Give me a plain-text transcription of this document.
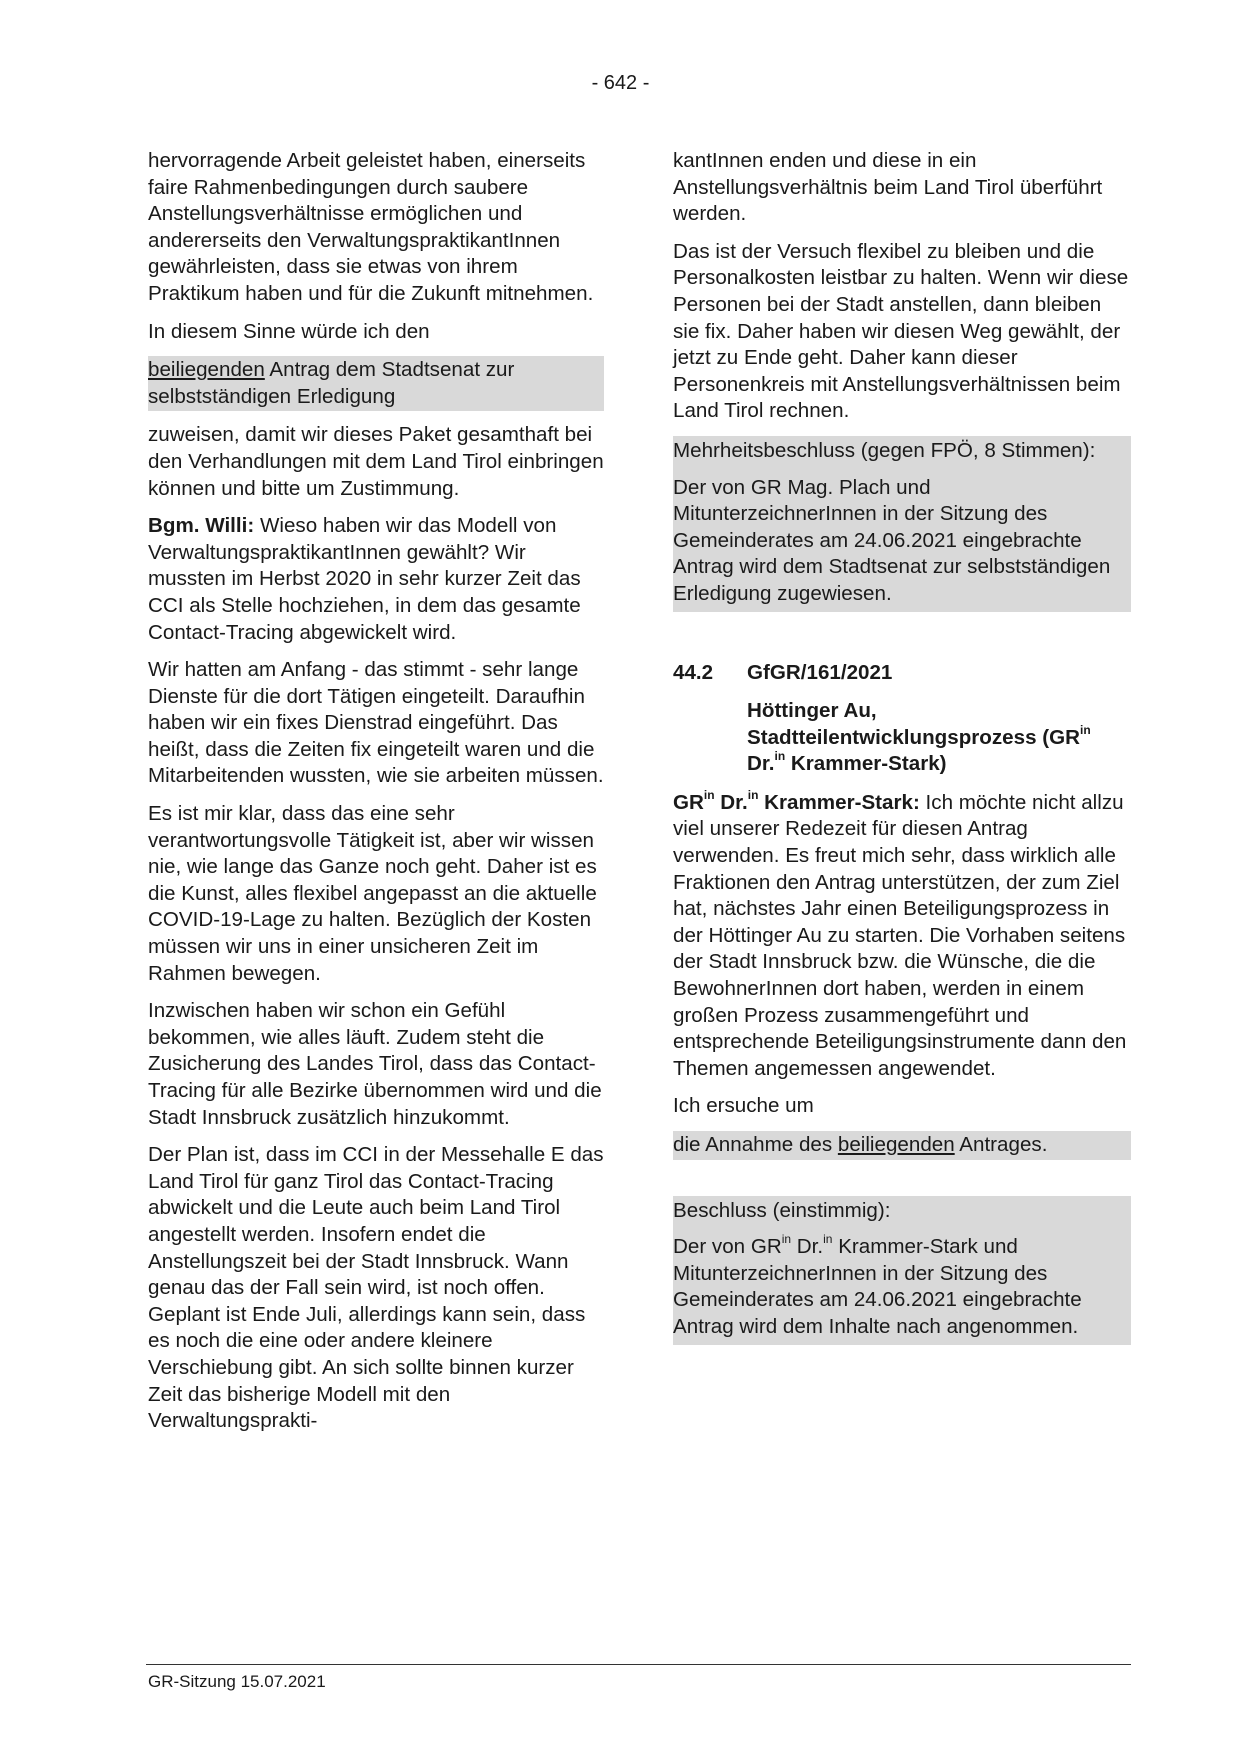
- 642 -

hervorragende Arbeit geleistet haben, einerseits faire Rahmenbedingungen durch saubere Anstellungsverhältnisse ermöglichen und andererseits den VerwaltungspraktikantInnen gewährleisten, dass sie etwas von ihrem Praktikum haben und für die Zukunft mitnehmen.

In diesem Sinne würde ich den

beiliegenden Antrag dem Stadtsenat zur selbstständigen Erledigung

zuweisen, damit wir dieses Paket gesamthaft bei den Verhandlungen mit dem Land Tirol einbringen können und bitte um Zustimmung.

Bgm. Willi: Wieso haben wir das Modell von VerwaltungspraktikantInnen gewählt? Wir mussten im Herbst 2020 in sehr kurzer Zeit das CCI als Stelle hochziehen, in dem das gesamte Contact-Tracing abgewickelt wird.

Wir hatten am Anfang - das stimmt - sehr lange Dienste für die dort Tätigen eingeteilt. Daraufhin haben wir ein fixes Dienstrad eingeführt. Das heißt, dass die Zeiten fix eingeteilt waren und die Mitarbeitenden wussten, wie sie arbeiten müssen.

Es ist mir klar, dass das eine sehr verantwortungsvolle Tätigkeit ist, aber wir wissen nie, wie lange das Ganze noch geht. Daher ist es die Kunst, alles flexibel angepasst an die aktuelle COVID-19-Lage zu halten. Bezüglich der Kosten müssen wir uns in einer unsicheren Zeit im Rahmen bewegen.

Inzwischen haben wir schon ein Gefühl bekommen, wie alles läuft. Zudem steht die Zusicherung des Landes Tirol, dass das Contact-Tracing für alle Bezirke übernommen wird und die Stadt Innsbruck zusätzlich hinzukommt.

Der Plan ist, dass im CCI in der Messehalle E das Land Tirol für ganz Tirol das Contact-Tracing abwickelt und die Leute auch beim Land Tirol angestellt werden. Insofern endet die Anstellungszeit bei der Stadt Innsbruck. Wann genau das der Fall sein wird, ist noch offen. Geplant ist Ende Juli, allerdings kann sein, dass es noch die eine oder andere kleinere Verschiebung gibt. An sich sollte binnen kurzer Zeit das bisherige Modell mit den Verwaltungsprakti-

kantInnen enden und diese in ein Anstellungsverhältnis beim Land Tirol überführt werden.

Das ist der Versuch flexibel zu bleiben und die Personalkosten leistbar zu halten. Wenn wir diese Personen bei der Stadt anstellen, dann bleiben sie fix. Daher haben wir diesen Weg gewählt, der jetzt zu Ende geht. Daher kann dieser Personenkreis mit Anstellungsverhältnissen beim Land Tirol rechnen.

Mehrheitsbeschluss (gegen FPÖ, 8 Stimmen):

Der von GR Mag. Plach und MitunterzeichnerInnen in der Sitzung des Gemeinderates am 24.06.2021 eingebrachte Antrag wird dem Stadtsenat zur selbstständigen Erledigung zugewiesen.

44.2	GfGR/161/2021
Höttinger Au, Stadtteilentwicklungsprozess ($GR^{in}$ Dr.$^{in}$ Krammer-Stark)

$GR^{in}$ Dr.$^{in}$ Krammer-Stark: Ich möchte nicht allzu viel unserer Redezeit für diesen Antrag verwenden. Es freut mich sehr, dass wirklich alle Fraktionen den Antrag unterstützen, der zum Ziel hat, nächstes Jahr einen Beteiligungsprozess in der Höttinger Au zu starten. Die Vorhaben seitens der Stadt Innsbruck bzw. die Wünsche, die die BewohnerInnen dort haben, werden in einem großen Prozess zusammengeführt und entsprechende Beteiligungsinstrumente dann den Themen angemessen angewendet.

Ich ersuche um

die Annahme des beiliegenden Antrages.

Beschluss (einstimmig):

Der von $GR^{in}$ Dr.$^{in}$ Krammer-Stark und MitunterzeichnerInnen in der Sitzung des Gemeinderates am 24.06.2021 eingebrachte Antrag wird dem Inhalte nach angenommen.

GR-Sitzung 15.07.2021
